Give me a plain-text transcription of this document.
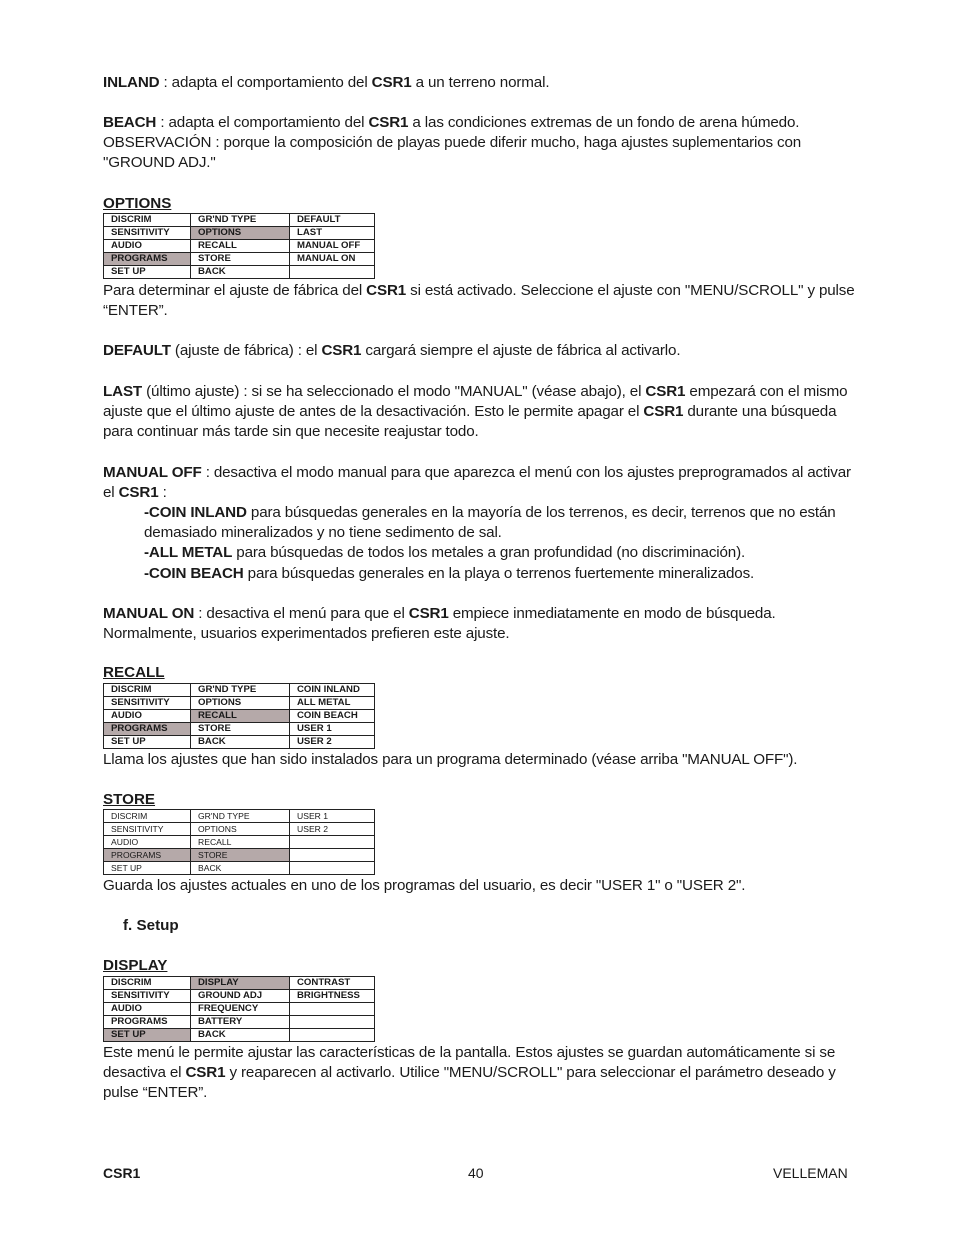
INLAND : adapta el comportamiento del CSR1 a un terreno normal.
BEACH : adapta el comportamiento del CSR1 a las condiciones extremas de un fondo de arena húmedo.
OBSERVACIÓN : porque la composición de playas puede diferir mucho, haga ajustes suplementarios con "GROUND ADJ."
OPTIONS
DISCRIM	GR'ND TYPE	DEFAULT
SENSITIVITY	OPTIONS	LAST
AUDIO	RECALL	MANUAL OFF
PROGRAMS	STORE	MANUAL ON
SET UP	BACK	
Para determinar el ajuste de fábrica del CSR1 si está activado. Seleccione el ajuste con "MENU/SCROLL" y pulse “ENTER”.
DEFAULT (ajuste de fábrica) : el CSR1 cargará siempre el ajuste de fábrica al activarlo.
LAST (último ajuste) : si se ha seleccionado el modo "MANUAL" (véase abajo), el CSR1 empezará con el mismo ajuste que el último ajuste de antes de la desactivación. Esto le permite apagar el CSR1 durante una búsqueda para continuar más tarde sin que necesite reajustar todo.
MANUAL OFF : desactiva el modo manual para que aparezca el menú con los ajustes preprogramados al activar el CSR1 :
-COIN INLAND para búsquedas generales en la mayoría de los terrenos, es decir, terrenos que no están demasiado mineralizados y no tiene sedimento de sal.
-ALL METAL para búsquedas de todos los metales a gran profundidad (no discriminación).
-COIN BEACH para búsquedas generales en la playa o terrenos fuertemente mineralizados.
MANUAL ON : desactiva el menú para que el CSR1 empiece inmediatamente en modo de búsqueda. Normalmente, usuarios experimentados prefieren este ajuste.
RECALL
DISCRIM	GR'ND TYPE	COIN INLAND
SENSITIVITY	OPTIONS	ALL METAL
AUDIO	RECALL	COIN BEACH
PROGRAMS	STORE	USER 1
SET UP	BACK	USER 2
Llama los ajustes que han sido instalados para un programa determinado (véase arriba "MANUAL OFF").
STORE
DISCRIM	GR'ND TYPE	USER 1
SENSITIVITY	OPTIONS	USER 2
AUDIO	RECALL	
PROGRAMS	STORE	
SET UP	BACK	
Guarda los ajustes actuales en uno de los programas del usuario, es decir "USER 1" o "USER 2".
f. Setup
DISPLAY
DISCRIM	DISPLAY	CONTRAST
SENSITIVITY	GROUND ADJ	BRIGHTNESS
AUDIO	FREQUENCY	
PROGRAMS	BATTERY	
SET UP	BACK	
Este menú le permite ajustar las características de la pantalla. Estos ajustes se guardan automáticamente si se desactiva el CSR1 y reaparecen al activarlo. Utilice "MENU/SCROLL" para seleccionar el parámetro deseado y pulse “ENTER”.
CSR1	40	VELLEMAN
